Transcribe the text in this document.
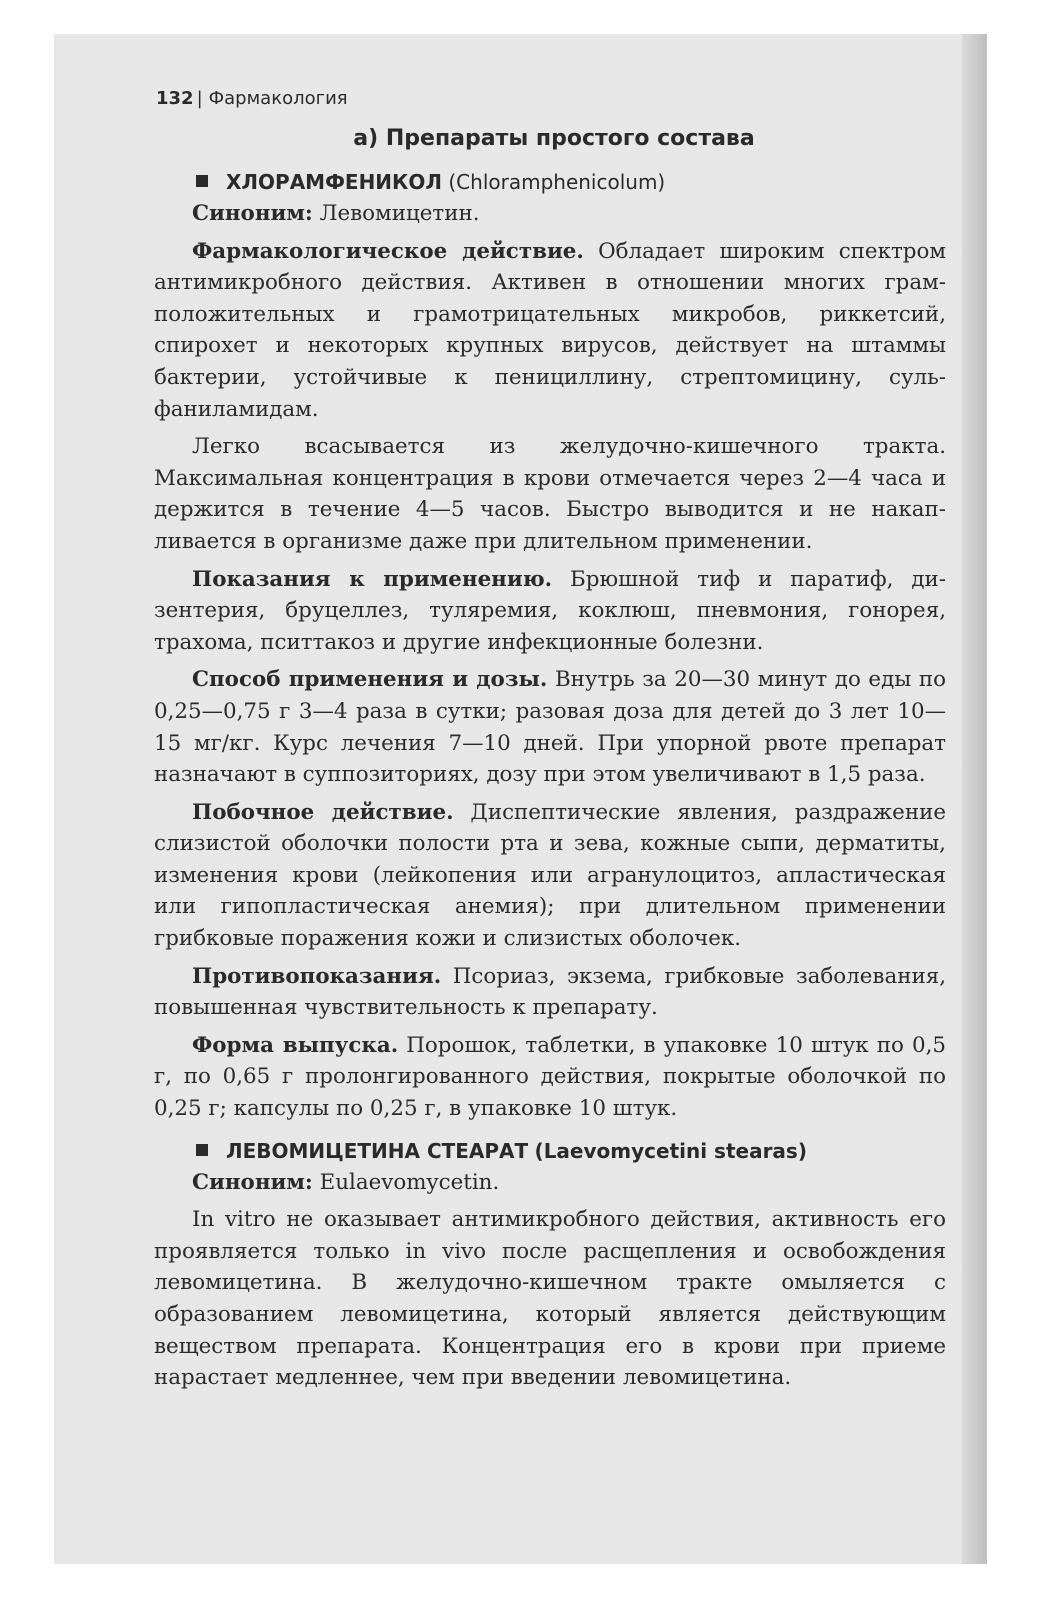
132 | Фармакология
а) Препараты простого состава
ХЛОРАМФЕНИКОЛ (Chloramphenicolum)

Синоним: Левомицетин.

Фармакологическое действие. Обладает широким спектром антимикробного действия. Активен в отношении многих грамположительных и грамотрицательных микробов, риккетсий, спирохет и некоторых крупных вирусов, действует на штаммы бактерии, устойчивые к пенициллину, стрептомицину, сульфаниламидам.

Легко всасывается из желудочно-кишечного тракта. Максимальная концентрация в крови отмечается через 2—4 часа и держится в течение 4—5 часов. Быстро выводится и не накапливается в организме даже при длительном применении.

Показания к применению. Брюшной тиф и паратиф, дизентерия, бруцеллез, туляремия, коклюш, пневмония, гонорея, трахома, пситтакоз и другие инфекционные болезни.

Способ применения и дозы. Внутрь за 20—30 минут до еды по 0,25—0,75 г 3—4 раза в сутки; разовая доза для детей до 3 лет 10—15 мг/кг. Курс лечения 7—10 дней. При упорной рвоте препарат назначают в суппозиториях, дозу при этом увеличивают в 1,5 раза.

Побочное действие. Диспептические явления, раздражение слизистой оболочки полости рта и зева, кожные сыпи, дерматиты, изменения крови (лейкопения или агранулоцитоз, апластическая или гипопластическая анемия); при длительном применении грибковые поражения кожи и слизистых оболочек.

Противопоказания. Псориаз, экзема, грибковые заболевания, повышенная чувствительность к препарату.

Форма выпуска. Порошок, таблетки, в упаковке 10 штук по 0,5 г, по 0,65 г пролонгированного действия, покрытые оболочкой по 0,25 г; капсулы по 0,25 г, в упаковке 10 штук.

ЛЕВОМИЦЕТИНА СТЕАРАТ (Laevomycetini stearas)

Синоним: Eulaevomycetin.

In vitro не оказывает антимикробного действия, активность его проявляется только in vivo после расщепления и освобождения левомицетина. В желудочно-кишечном тракте омыляется с образованием левомицетина, который является действующим веществом препарата. Концентрация его в крови при приеме нарастает медленнее, чем при введении левомицетина.
